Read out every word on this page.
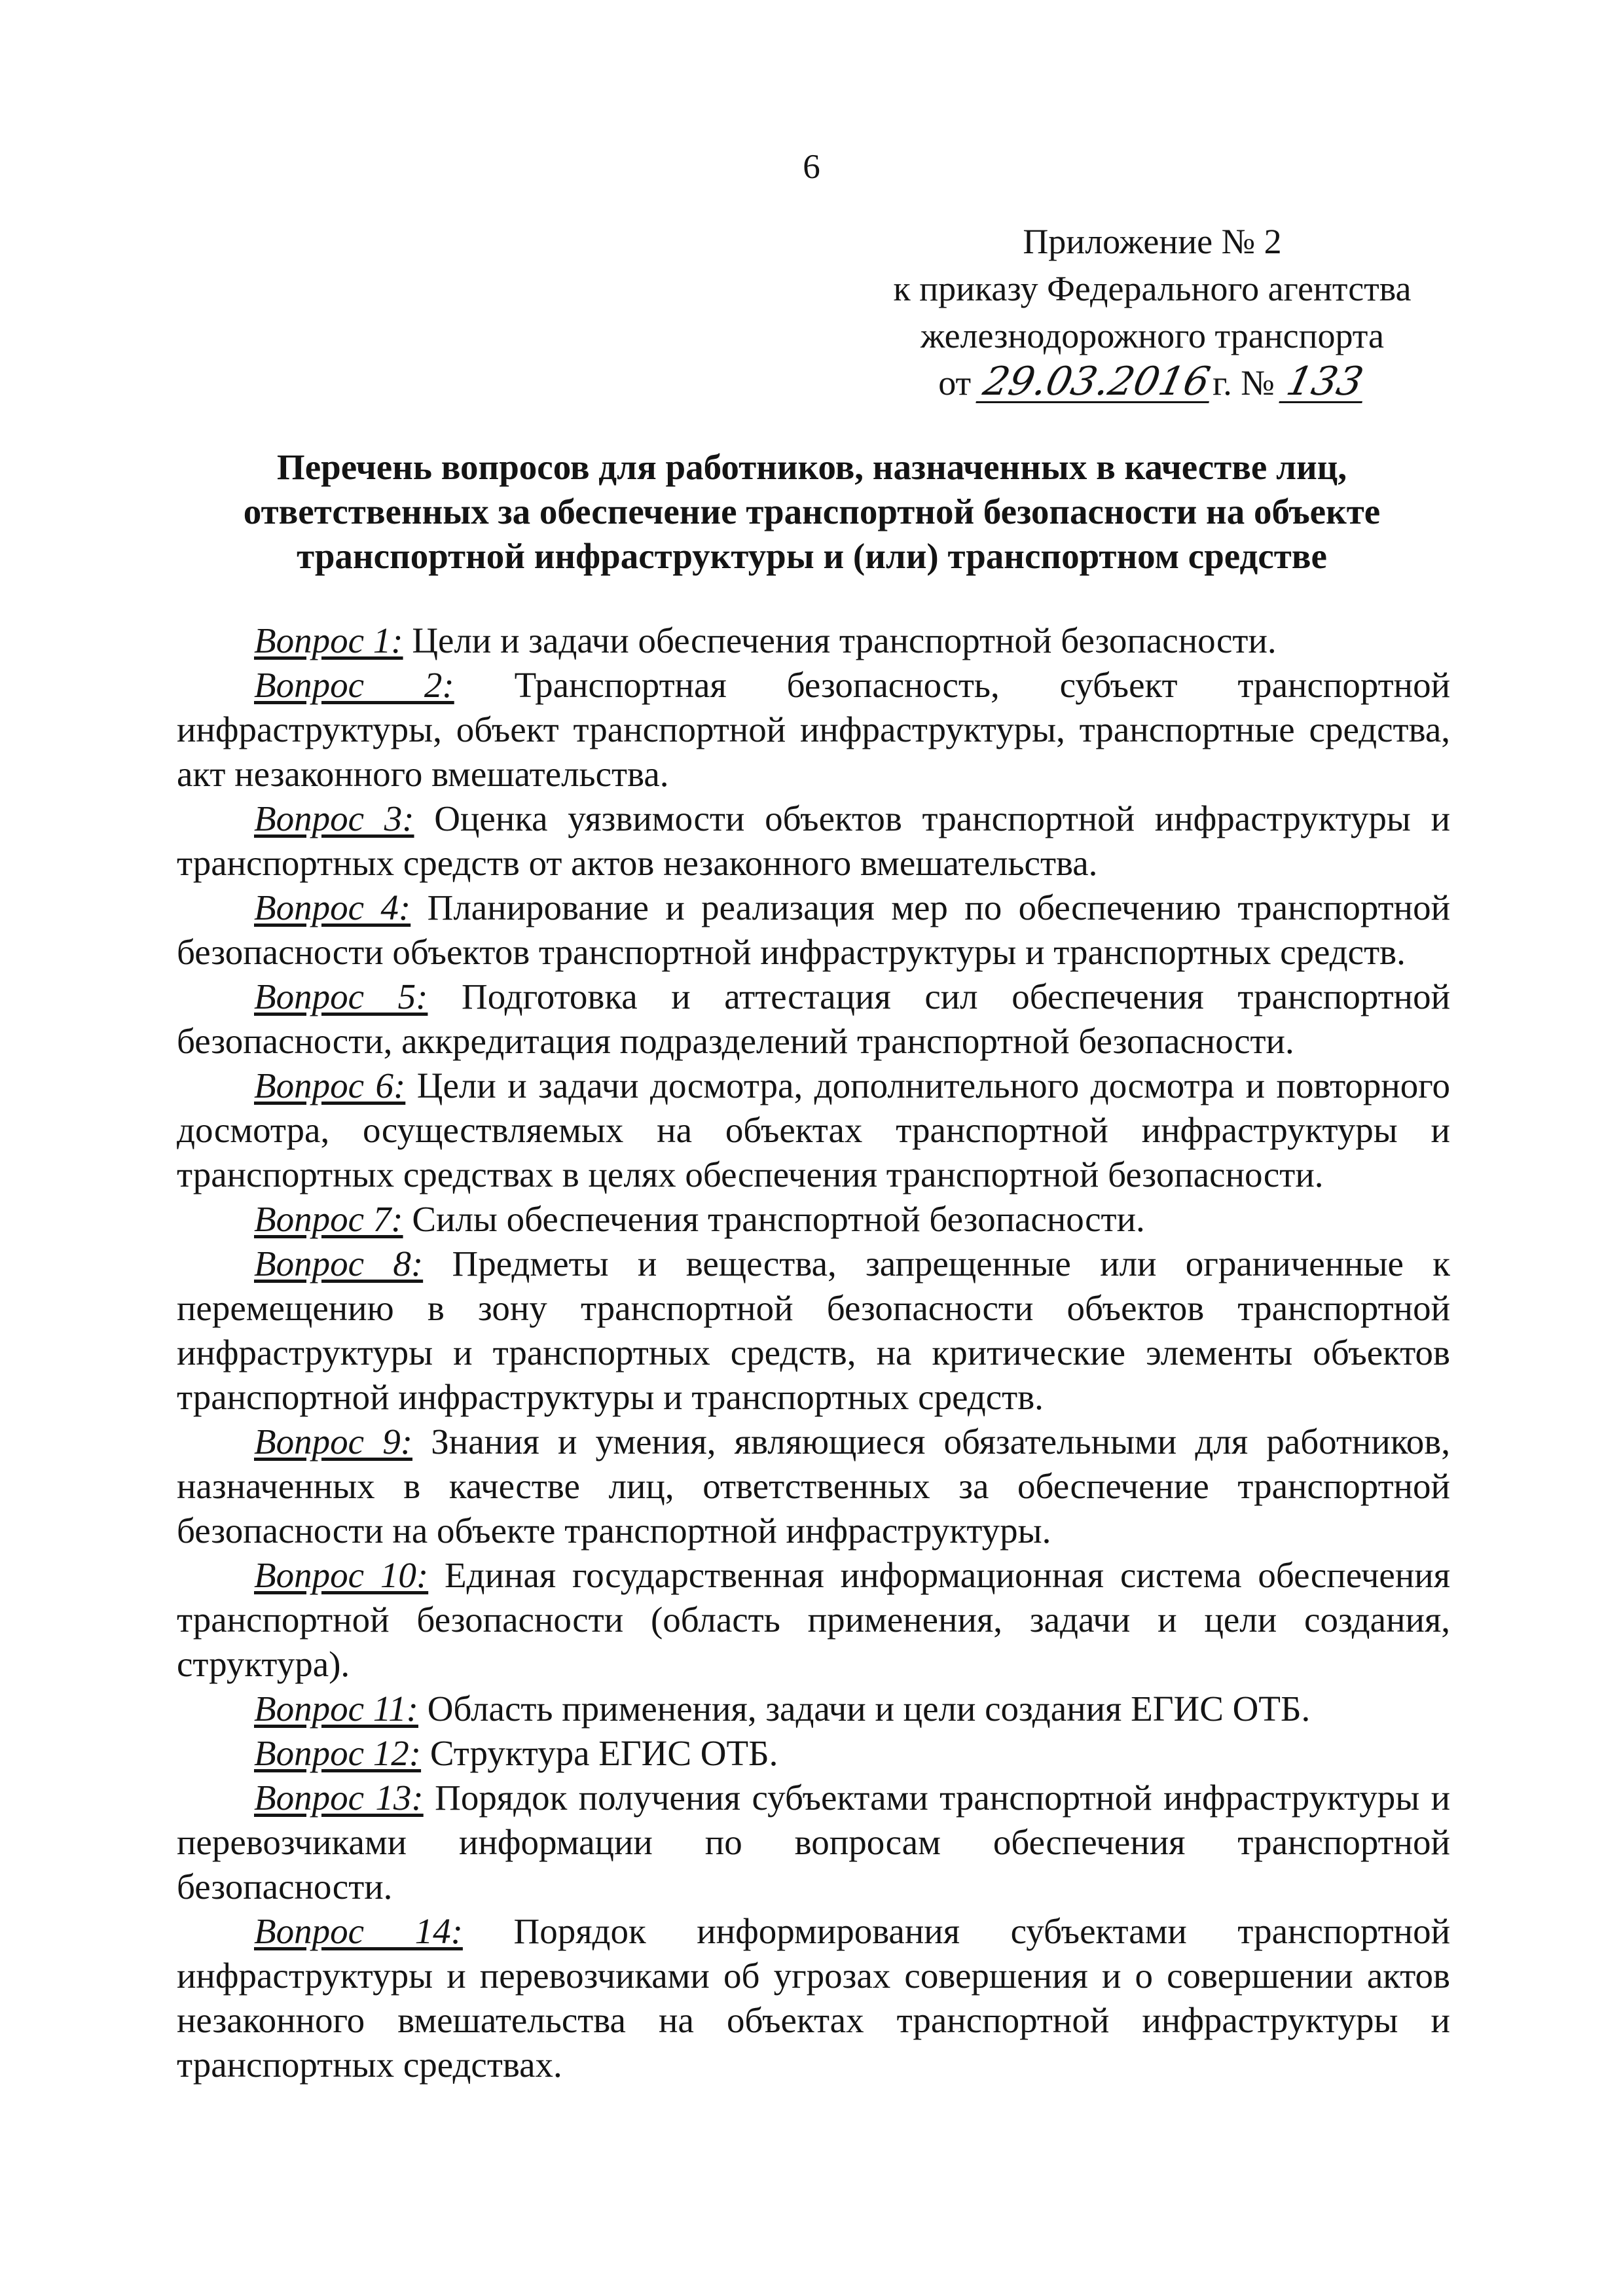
6
Приложение № 2
к приказу Федерального агентства
железнодорожного транспорта
от 29.03.2016г. № 133
Перечень вопросов для работников, назначенных в качестве лиц,
ответственных за обеспечение транспортной безопасности на объекте
транспортной инфраструктуры и (или) транспортном средстве

Вопрос 1: Цели и задачи обеспечения транспортной безопасности.

Вопрос 2: Транспортная безопасность, субъект транспортной инфраструктуры, объект транспортной инфраструктуры, транспортные средства, акт незаконного вмешательства.

Вопрос 3: Оценка уязвимости объектов транспортной инфраструктуры и транспортных средств от актов незаконного вмешательства.

Вопрос 4: Планирование и реализация мер по обеспечению транспортной безопасности объектов транспортной инфраструктуры и транспортных средств.

Вопрос 5: Подготовка и аттестация сил обеспечения транспортной безопасности, аккредитация подразделений транспортной безопасности.

Вопрос 6: Цели и задачи досмотра, дополнительного досмотра и повторного досмотра, осуществляемых на объектах транспортной инфраструктуры и транспортных средствах в целях обеспечения транспортной безопасности.

Вопрос 7: Силы обеспечения транспортной безопасности.

Вопрос 8: Предметы и вещества, запрещенные или ограниченные к перемещению в зону транспортной безопасности объектов транспортной инфраструктуры и транспортных средств, на критические элементы объектов транспортной инфраструктуры и транспортных средств.

Вопрос 9: Знания и умения, являющиеся обязательными для работников, назначенных в качестве лиц, ответственных за обеспечение транспортной безопасности на объекте транспортной инфраструктуры.

Вопрос 10: Единая государственная информационная система обеспечения транспортной безопасности (область применения, задачи и цели создания, структура).

Вопрос 11: Область применения, задачи и цели создания ЕГИС ОТБ.

Вопрос 12: Структура ЕГИС ОТБ.

Вопрос 13: Порядок получения субъектами транспортной инфраструктуры и перевозчиками информации по вопросам обеспечения транспортной безопасности.

Вопрос 14: Порядок информирования субъектами транспортной инфраструктуры и перевозчиками об угрозах совершения и о совершении актов незаконного вмешательства на объектах транспортной инфраструктуры и транспортных средствах.
